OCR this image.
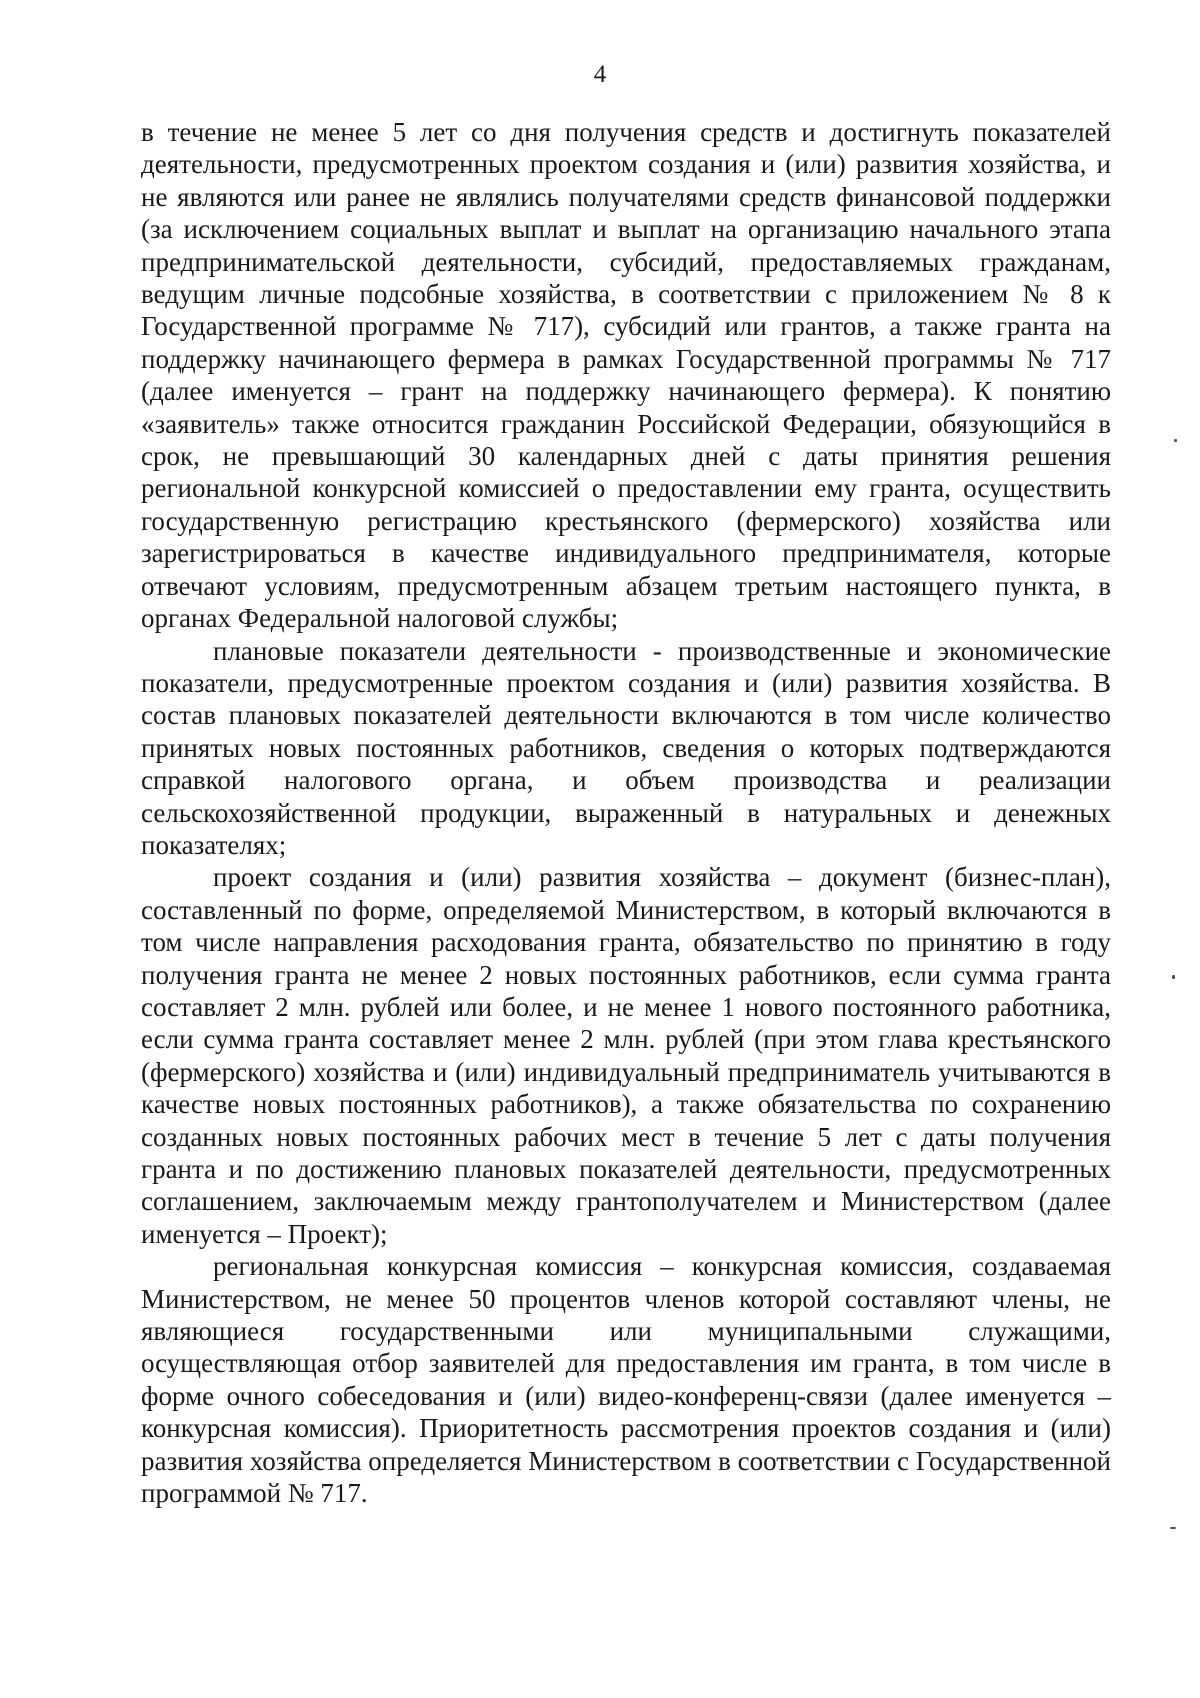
4

в течение не менее 5 лет со дня получения средств и достигнуть показателей деятельности, предусмотренных проектом создания и (или) развития хозяйства, и не являются или ранее не являлись получателями средств финансовой поддержки (за исключением социальных выплат и выплат на организацию начального этапа предпринимательской деятельности, субсидий, предоставляемых гражданам, ведущим личные подсобные хозяйства, в соответствии с приложением № 8 к Государственной программе № 717), субсидий или грантов, а также гранта на поддержку начинающего фермера в рамках Государственной программы № 717 (далее именуется – грант на поддержку начинающего фермера). К понятию «заявитель» также относится гражданин Российской Федерации, обязующийся в срок, не превышающий 30 календарных дней с даты принятия решения региональной конкурсной комиссией о предоставлении ему гранта, осуществить государственную регистрацию крестьянского (фермерского) хозяйства или зарегистрироваться в качестве индивидуального предпринимателя, которые отвечают условиям, предусмотренным абзацем третьим настоящего пункта, в органах Федеральной налоговой службы;

плановые показатели деятельности - производственные и экономические показатели, предусмотренные проектом создания и (или) развития хозяйства. В состав плановых показателей деятельности включаются в том числе количество принятых новых постоянных работников, сведения о которых подтверждаются справкой налогового органа, и объем производства и реализации сельскохозяйственной продукции, выраженный в натуральных и денежных показателях;

проект создания и (или) развития хозяйства – документ (бизнес-план), составленный по форме, определяемой Министерством, в который включаются в том числе направления расходования гранта, обязательство по принятию в году получения гранта не менее 2 новых постоянных работников, если сумма гранта составляет 2 млн. рублей или более, и не менее 1 нового постоянного работника, если сумма гранта составляет менее 2 млн. рублей (при этом глава крестьянского (фермерского) хозяйства и (или) индивидуальный предприниматель учитываются в качестве новых постоянных работников), а также обязательства по сохранению созданных новых постоянных рабочих мест в течение 5 лет с даты получения гранта и по достижению плановых показателей деятельности, предусмотренных соглашением, заключаемым между грантополучателем и Министерством (далее именуется – Проект);

региональная конкурсная комиссия – конкурсная комиссия, создаваемая Министерством, не менее 50 процентов членов которой составляют члены, не являющиеся государственными или муниципальными служащими, осуществляющая отбор заявителей для предоставления им гранта, в том числе в форме очного собеседования и (или) видео-конференц-связи (далее именуется – конкурсная комиссия). Приоритетность рассмотрения проектов создания и (или) развития хозяйства определяется Министерством в соответствии с Государственной программой № 717.
